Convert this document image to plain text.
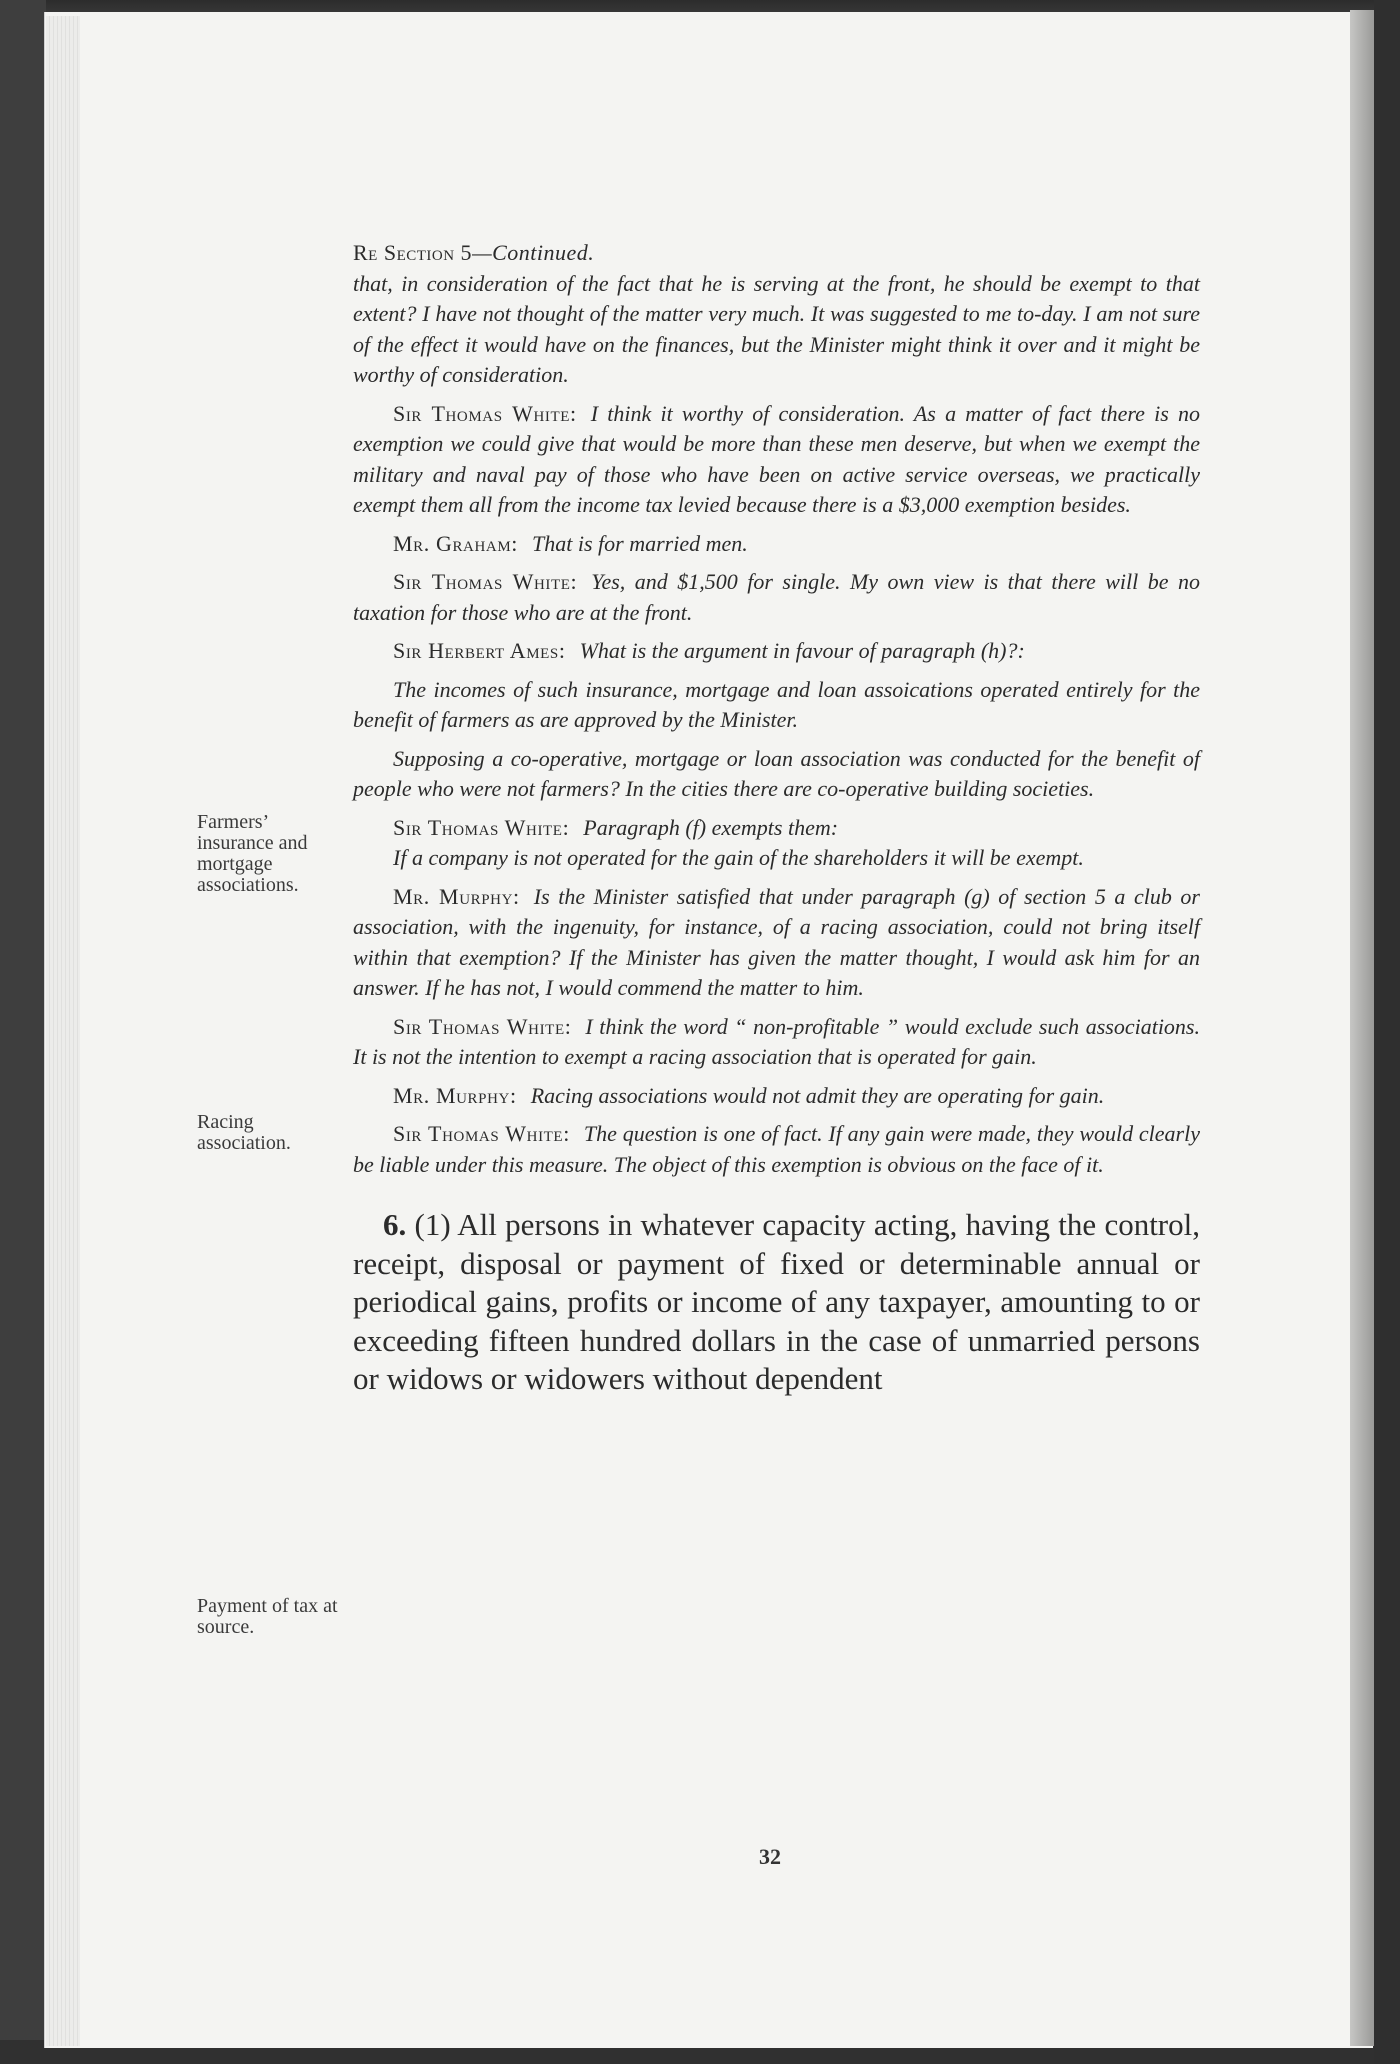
Farmers’ insurance and mortgage associations.
Racing association.
Payment of tax at source.
Re Section 5—Continued.

that, in consideration of the fact that he is serving at the front, he should be exempt to that extent? I have not thought of the matter very much. It was suggested to me to-day. I am not sure of the effect it would have on the finances, but the Minister might think it over and it might be worthy of consideration.

Sir Thomas White: I think it worthy of consideration. As a matter of fact there is no exemption we could give that would be more than these men deserve, but when we exempt the military and naval pay of those who have been on active service overseas, we practically exempt them all from the income tax levied because there is a $3,000 exemption besides.

Mr. Graham: That is for married men.

Sir Thomas White: Yes, and $1,500 for single. My own view is that there will be no taxation for those who are at the front.

Sir Herbert Ames: What is the argument in favour of paragraph (h)?:

The incomes of such insurance, mortgage and loan assoications operated entirely for the benefit of farmers as are approved by the Minister.

Supposing a co-operative, mortgage or loan association was conducted for the benefit of people who were not farmers? In the cities there are co-operative building societies.

Sir Thomas White: Paragraph (f) exempts them:

If a company is not operated for the gain of the shareholders it will be exempt.

Mr. Murphy: Is the Minister satisfied that under paragraph (g) of section 5 a club or association, with the ingenuity, for instance, of a racing association, could not bring itself within that exemption? If the Minister has given the matter thought, I would ask him for an answer. If he has not, I would commend the matter to him.

Sir Thomas White: I think the word “ non-profitable ” would exclude such associations. It is not the intention to exempt a racing association that is operated for gain.

Mr. Murphy: Racing associations would not admit they are operating for gain.

Sir Thomas White: The question is one of fact. If any gain were made, they would clearly be liable under this measure. The object of this exemption is obvious on the face of it.

6. (1) All persons in whatever capacity acting, having the control, receipt, disposal or payment of fixed or determinable annual or periodical gains, profits or income of any taxpayer, amounting to or exceeding fifteen hundred dollars in the case of unmarried persons or widows or widowers without dependent

32
